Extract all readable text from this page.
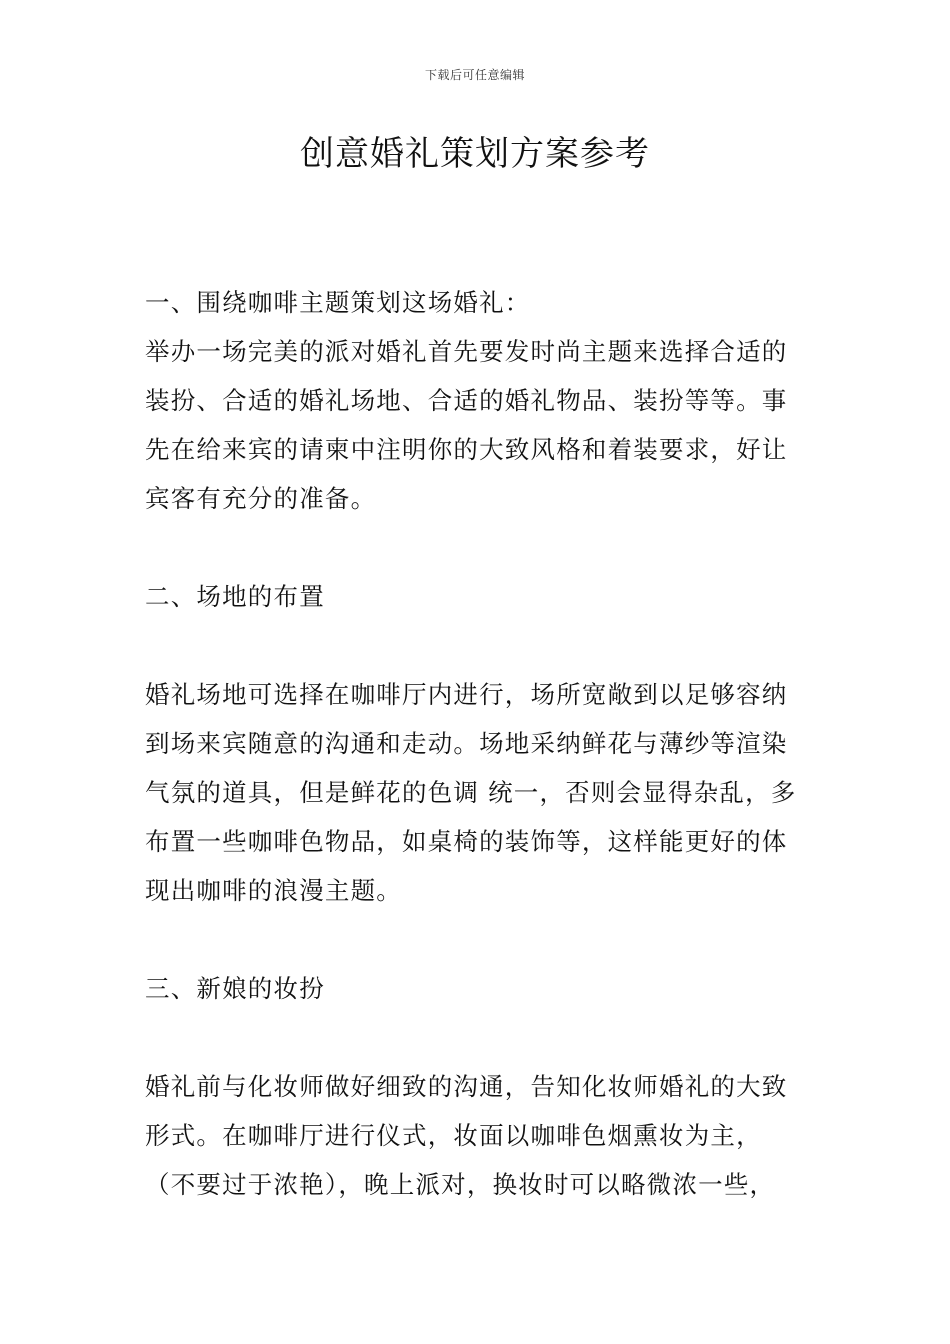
下载后可任意编辑
创意婚礼策划方案参考
一、围绕咖啡主题策划这场婚礼：
举办一场完美的派对婚礼首先要发时尚主题来选择合适的
装扮、合适的婚礼场地、合适的婚礼物品、装扮等等。事
先在给来宾的请柬中注明你的大致风格和着装要求，好让
宾客有充分的准备。
二、场地的布置
婚礼场地可选择在咖啡厅内进行，场所宽敞到以足够容纳
到场来宾随意的沟通和走动。场地采纳鲜花与薄纱等渲染
气氛的道具，但是鲜花的色调 统一，否则会显得杂乱，多
布置一些咖啡色物品，如桌椅的装饰等，这样能更好的体
现出咖啡的浪漫主题。
三、新娘的妆扮
婚礼前与化妆师做好细致的沟通，告知化妆师婚礼的大致
形式。在咖啡厅进行仪式，妆面以咖啡色烟熏妆为主，
（不要过于浓艳），晚上派对，换妆时可以略微浓一些，
